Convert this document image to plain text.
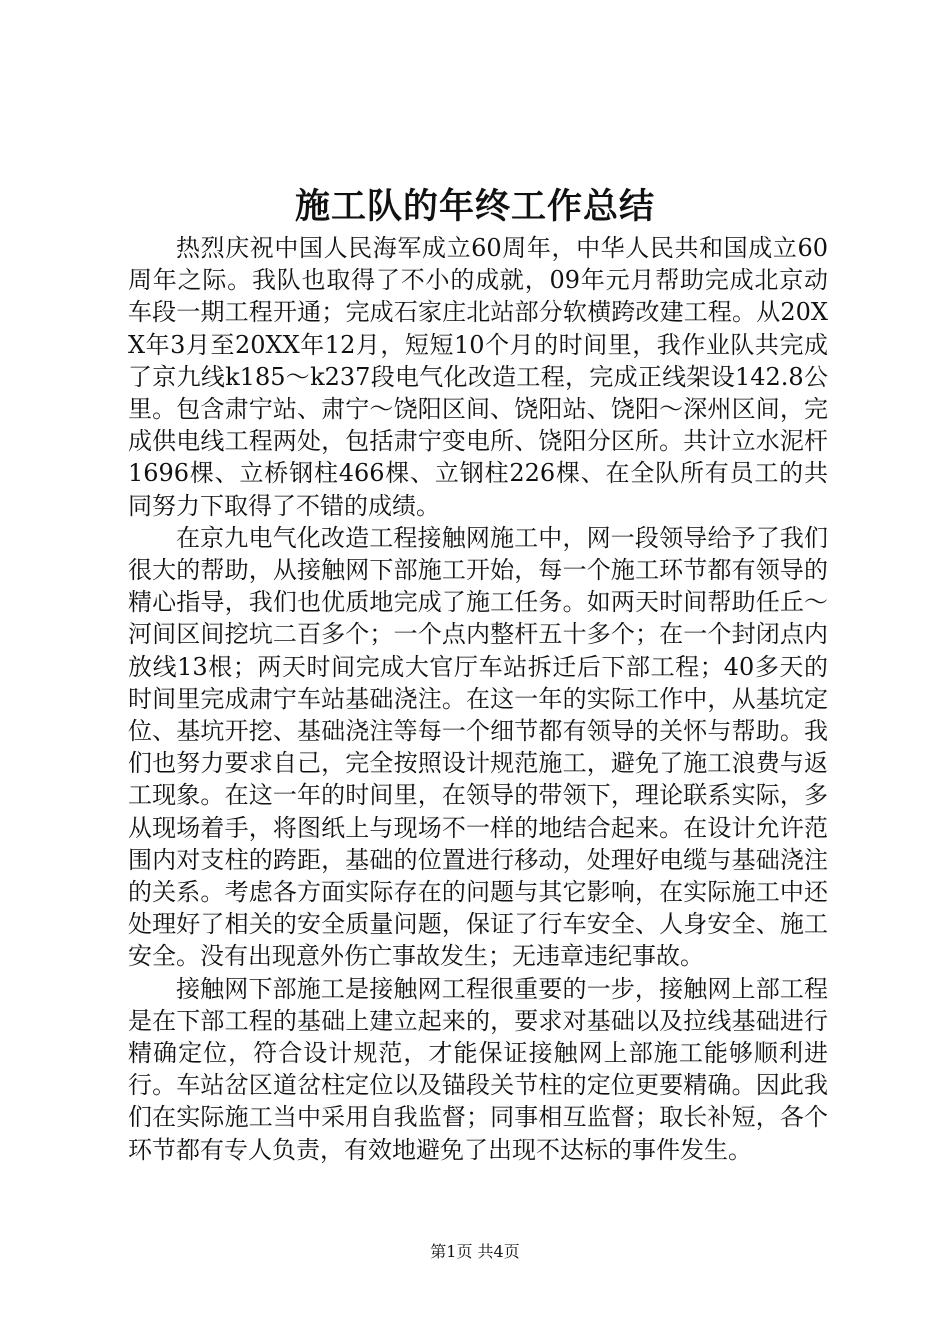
施工队的年终工作总结

热烈庆祝中国人民海军成立60周年，中华人民共和国成立60周年之际。我队也取得了不小的成就，09年元月帮助完成北京动车段一期工程开通；完成石家庄北站部分软横跨改建工程。从20XX年3月至20XX年12月，短短10个月的时间里，我作业队共完成了京九线k185～k237段电气化改造工程，完成正线架设142.8公里。包含肃宁站、肃宁～饶阳区间、饶阳站、饶阳～深州区间，完成供电线工程两处，包括肃宁变电所、饶阳分区所。共计立水泥杆1696棵、立桥钢柱466棵、立钢柱226棵、在全队所有员工的共同努力下取得了不错的成绩。

在京九电气化改造工程接触网施工中，网一段领导给予了我们很大的帮助，从接触网下部施工开始，每一个施工环节都有领导的精心指导，我们也优质地完成了施工任务。如两天时间帮助任丘～河间区间挖坑二百多个；一个点内整杆五十多个；在一个封闭点内放线13根；两天时间完成大官厅车站拆迁后下部工程；40多天的时间里完成肃宁车站基础浇注。在这一年的实际工作中，从基坑定位、基坑开挖、基础浇注等每一个细节都有领导的关怀与帮助。我们也努力要求自己，完全按照设计规范施工，避免了施工浪费与返工现象。在这一年的时间里，在领导的带领下，理论联系实际，多从现场着手，将图纸上与现场不一样的地结合起来。在设计允许范围内对支柱的跨距，基础的位置进行移动，处理好电缆与基础浇注的关系。考虑各方面实际存在的问题与其它影响，在实际施工中还处理好了相关的安全质量问题，保证了行车安全、人身安全、施工安全。没有出现意外伤亡事故发生；无违章违纪事故。

接触网下部施工是接触网工程很重要的一步，接触网上部工程是在下部工程的基础上建立起来的，要求对基础以及拉线基础进行精确定位，符合设计规范，才能保证接触网上部施工能够顺利进行。车站岔区道岔柱定位以及锚段关节柱的定位更要精确。因此我们在实际施工当中采用自我监督；同事相互监督；取长补短，各个环节都有专人负责，有效地避免了出现不达标的事件发生。

第1页 共4页
